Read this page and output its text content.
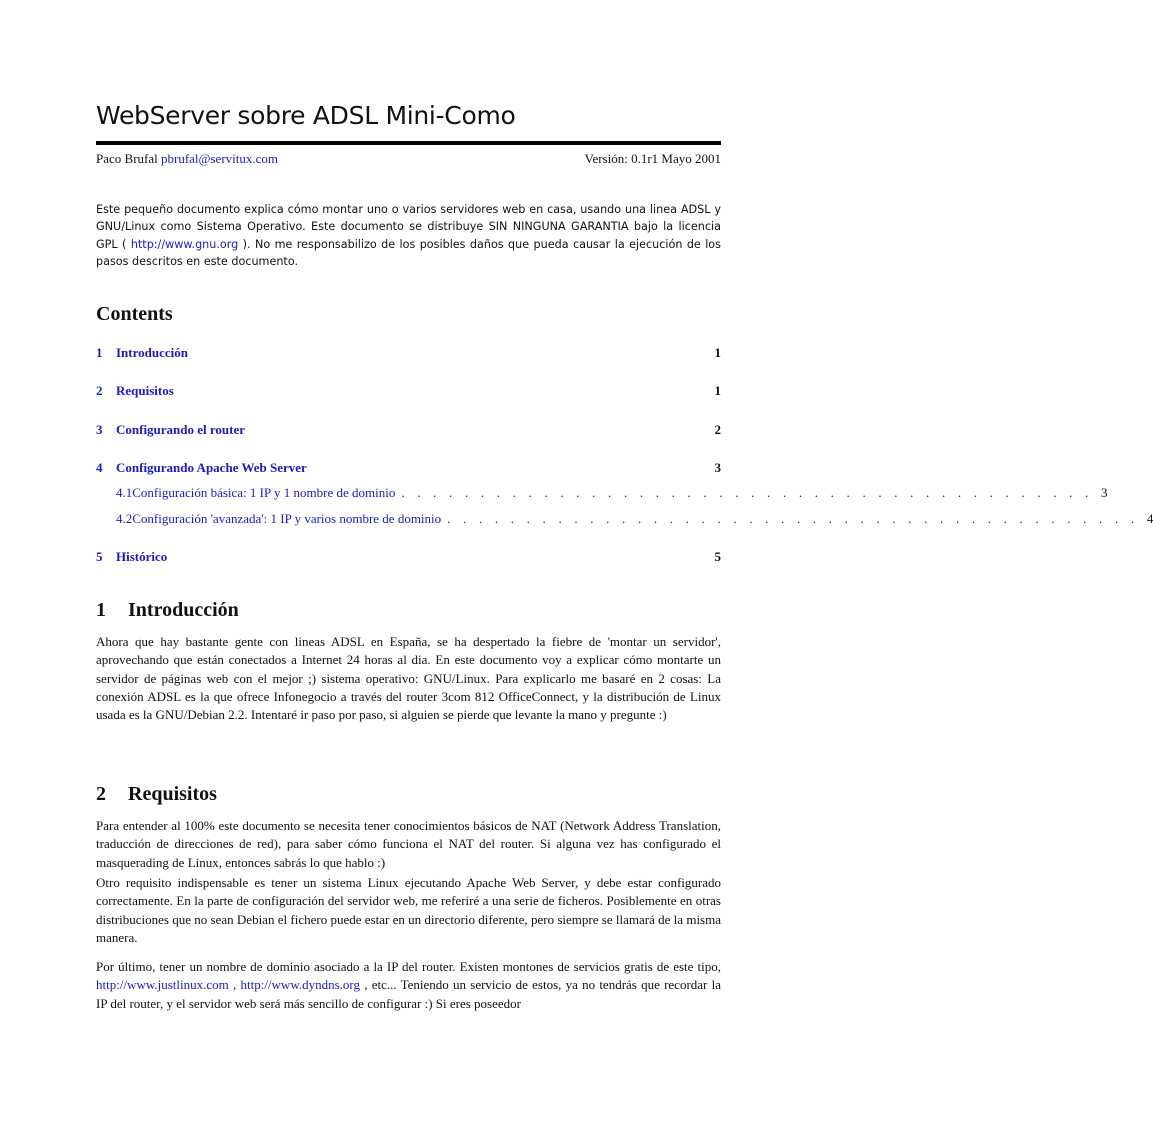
WebServer sobre ADSL Mini-Como
Paco Brufal pbrufal@servitux.com	Versión: 0.1r1 Mayo 2001
Este pequeño documento explica cómo montar uno o varios servidores web en casa, usando una linea ADSL y GNU/Linux como Sistema Operativo. Este documento se distribuye SIN NINGUNA GARANTIA bajo la licencia GPL ( http://www.gnu.org ). No me responsabilizo de los posibles daños que pueda causar la ejecución de los pasos descritos en este documento.
Contents
1	Introducción	1
2	Requisitos	1
3	Configurando el router	2
4	Configurando Apache Web Server	3
4.1 Configuración básica: 1 IP y 1 nombre de dominio . . . . . . . . . . . . . . . . . . . . . . . . . . . . . . . . . . . . . . . . . . . . 3
4.2 Configuración 'avanzada': 1 IP y varios nombre de dominio . . . . . . . . . . . . . . . . . . . . . . . . . . . . . . . . . . . . . . . . . . . . 4
5	Histórico	5
1 Introducción
Ahora que hay bastante gente con lineas ADSL en España, se ha despertado la fiebre de 'montar un servidor', aprovechando que están conectados a Internet 24 horas al dia. En este documento voy a explicar cómo montarte un servidor de páginas web con el mejor ;) sistema operativo: GNU/Linux. Para explicarlo me basaré en 2 cosas: La conexión ADSL es la que ofrece Infonegocio a través del router 3com 812 OfficeConnect, y la distribución de Linux usada es la GNU/Debian 2.2. Intentaré ir paso por paso, si alguien se pierde que levante la mano y pregunte :)
2 Requisitos
Para entender al 100% este documento se necesita tener conocimientos básicos de NAT (Network Address Translation, traducción de direcciones de red), para saber cómo funciona el NAT del router. Si alguna vez has configurado el masquerading de Linux, entonces sabrás lo que hablo :)
Otro requisito indispensable es tener un sistema Linux ejecutando Apache Web Server, y debe estar configurado correctamente. En la parte de configuración del servidor web, me referiré a una serie de ficheros. Posiblemente en otras distribuciones que no sean Debian el fichero puede estar en un directorio diferente, pero siempre se llamará de la misma manera.
Por último, tener un nombre de dominio asociado a la IP del router. Existen montones de servicios gratis de este tipo, http://www.justlinux.com , http://www.dyndns.org , etc... Teniendo un servicio de estos, ya no tendrás que recordar la IP del router, y el servidor web será más sencillo de configurar :) Si eres poseedor
